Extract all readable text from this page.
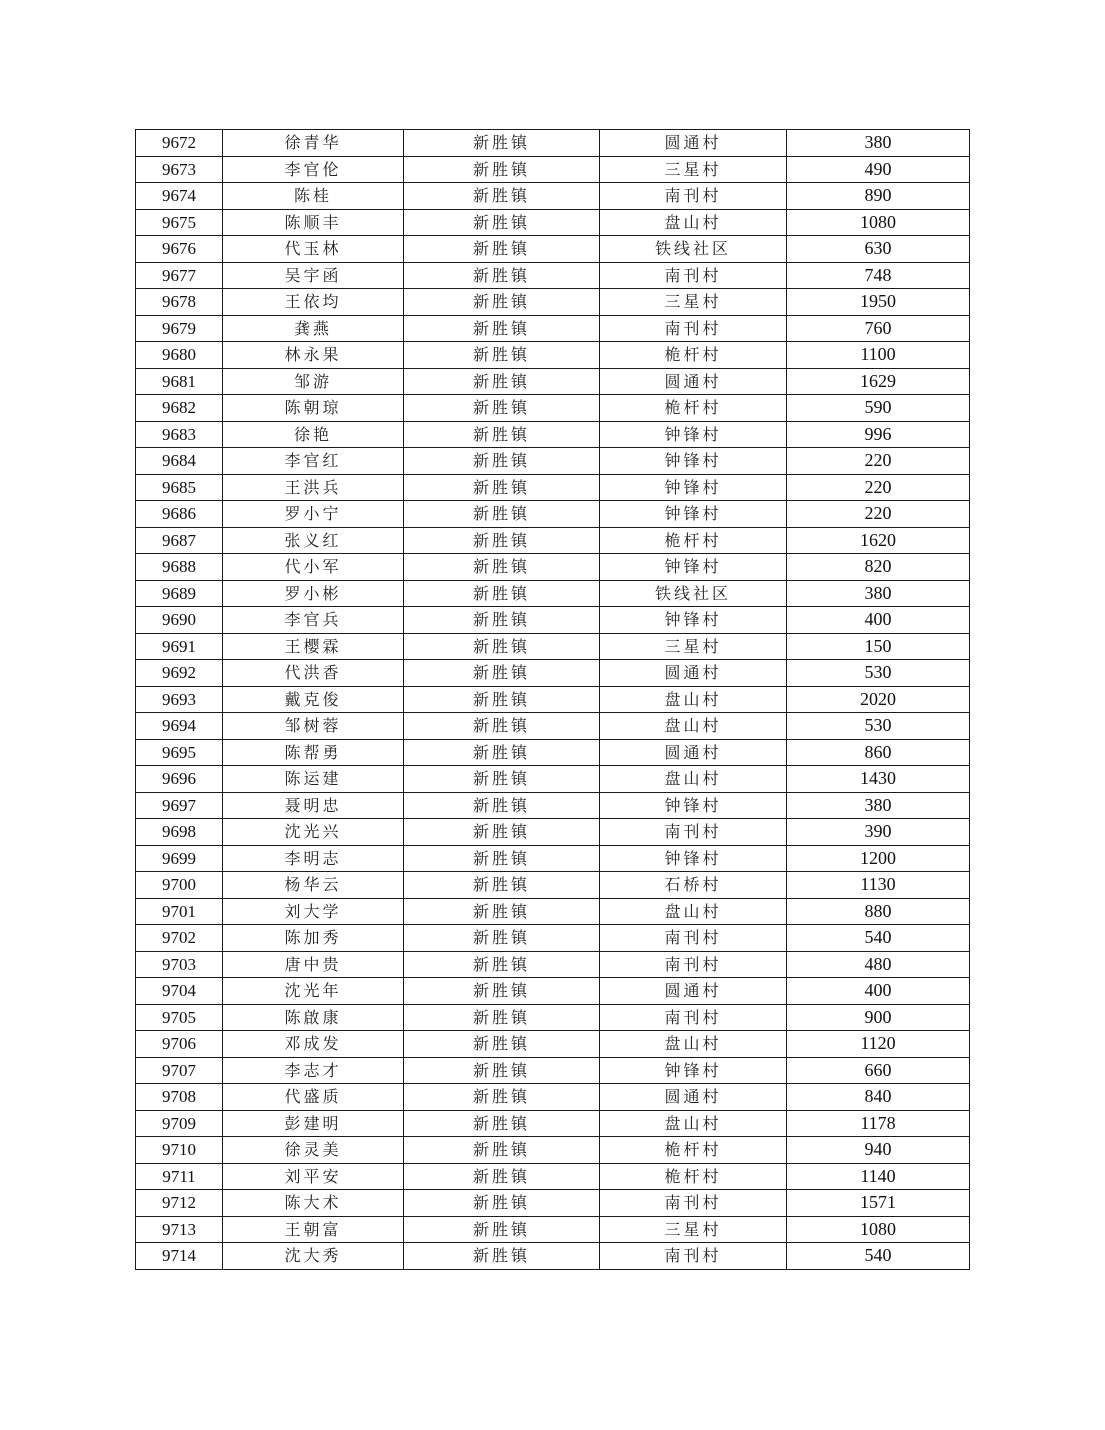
9672	徐青华	新胜镇	圆通村	380
9673	李官伦	新胜镇	三星村	490
9674	陈桂	新胜镇	南刊村	890
9675	陈顺丰	新胜镇	盘山村	1080
9676	代玉林	新胜镇	铁线社区	630
9677	吴宇函	新胜镇	南刊村	748
9678	王依均	新胜镇	三星村	1950
9679	龚燕	新胜镇	南刊村	760
9680	林永果	新胜镇	桅杆村	1100
9681	邹游	新胜镇	圆通村	1629
9682	陈朝琼	新胜镇	桅杆村	590
9683	徐艳	新胜镇	钟锋村	996
9684	李官红	新胜镇	钟锋村	220
9685	王洪兵	新胜镇	钟锋村	220
9686	罗小宁	新胜镇	钟锋村	220
9687	张义红	新胜镇	桅杆村	1620
9688	代小军	新胜镇	钟锋村	820
9689	罗小彬	新胜镇	铁线社区	380
9690	李官兵	新胜镇	钟锋村	400
9691	王樱霖	新胜镇	三星村	150
9692	代洪香	新胜镇	圆通村	530
9693	戴克俊	新胜镇	盘山村	2020
9694	邹树蓉	新胜镇	盘山村	530
9695	陈帮勇	新胜镇	圆通村	860
9696	陈运建	新胜镇	盘山村	1430
9697	聂明忠	新胜镇	钟锋村	380
9698	沈光兴	新胜镇	南刊村	390
9699	李明志	新胜镇	钟锋村	1200
9700	杨华云	新胜镇	石桥村	1130
9701	刘大学	新胜镇	盘山村	880
9702	陈加秀	新胜镇	南刊村	540
9703	唐中贵	新胜镇	南刊村	480
9704	沈光年	新胜镇	圆通村	400
9705	陈啟康	新胜镇	南刊村	900
9706	邓成发	新胜镇	盘山村	1120
9707	李志才	新胜镇	钟锋村	660
9708	代盛质	新胜镇	圆通村	840
9709	彭建明	新胜镇	盘山村	1178
9710	徐灵美	新胜镇	桅杆村	940
9711	刘平安	新胜镇	桅杆村	1140
9712	陈大术	新胜镇	南刊村	1571
9713	王朝富	新胜镇	三星村	1080
9714	沈大秀	新胜镇	南刊村	540
